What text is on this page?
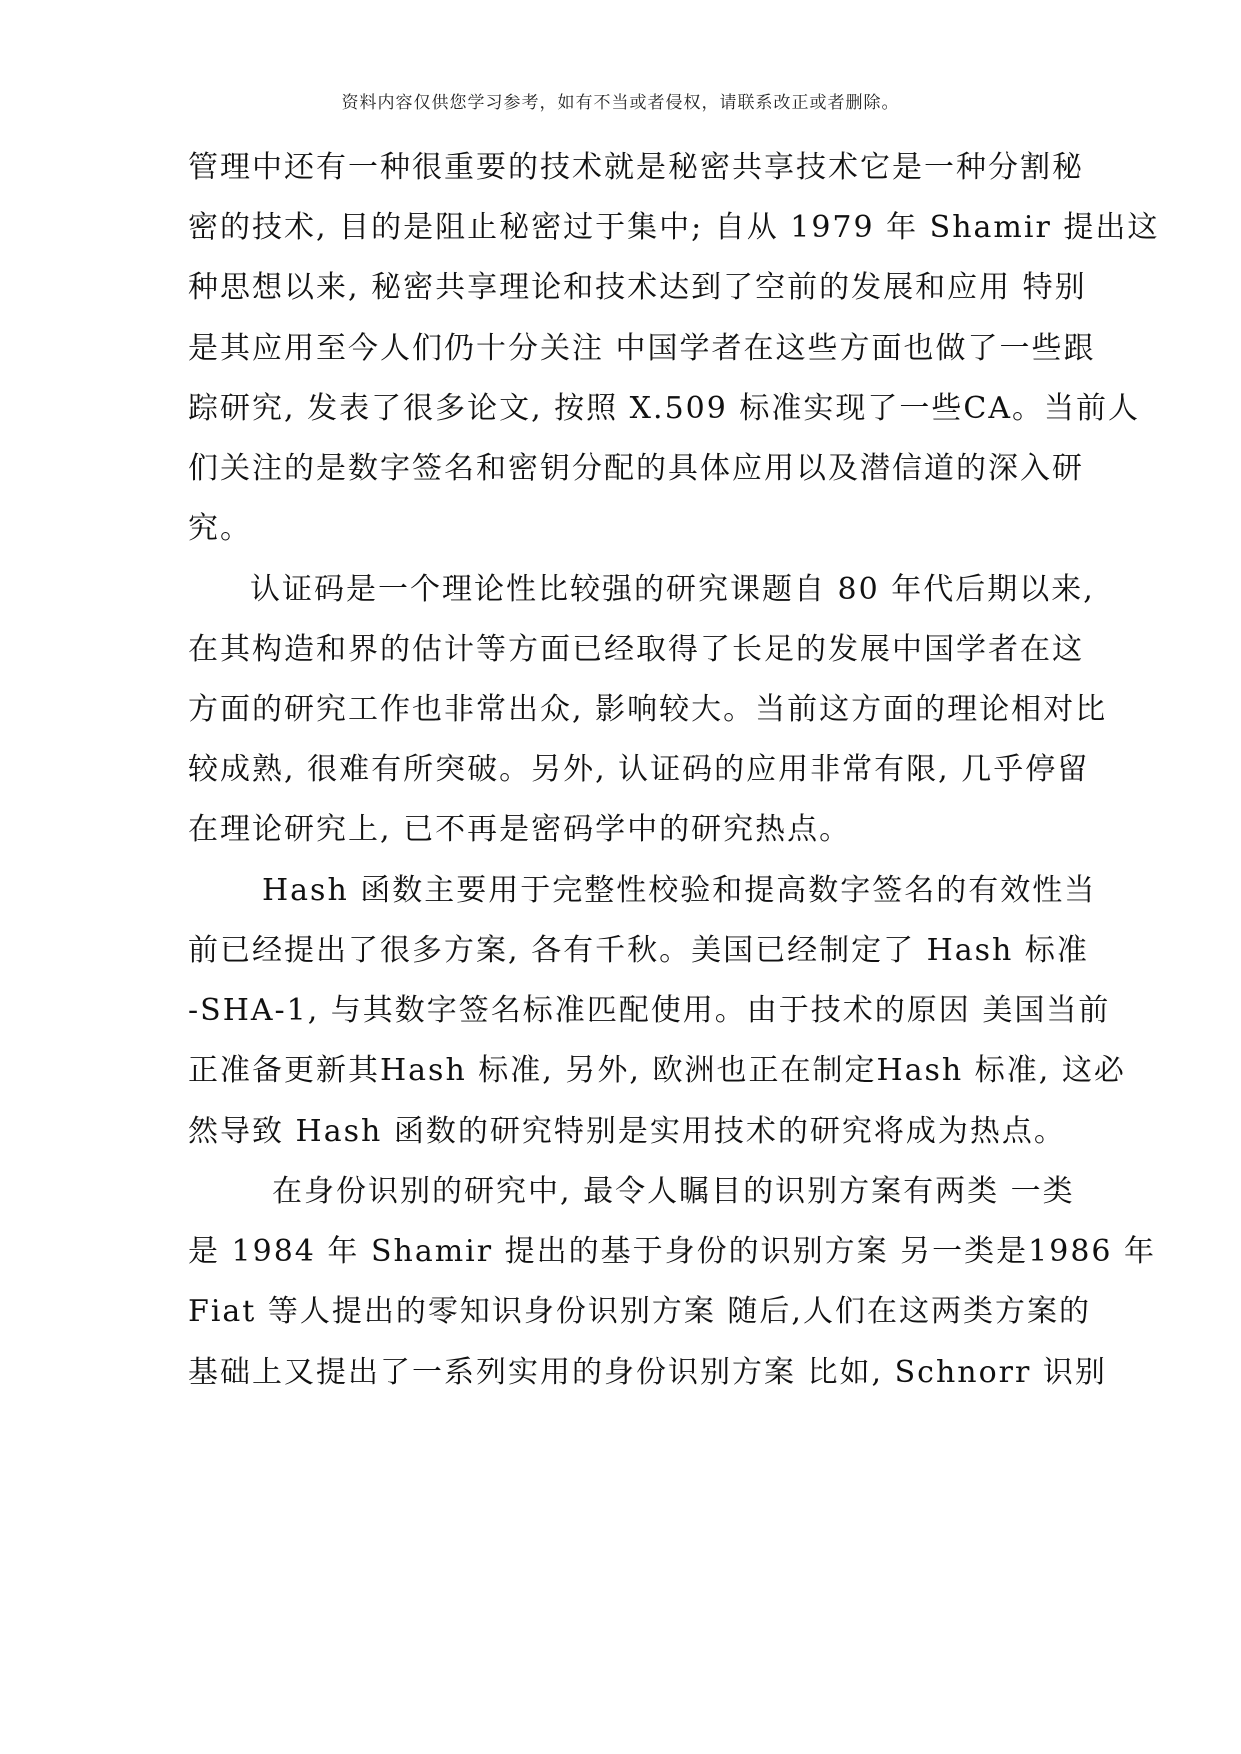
资料内容仅供您学习参考，如有不当或者侵权，请联系改正或者删除。
管理中还有一种很重要的技术就是秘密共享技术它是一种分割秘
密的技术, 目的是阻止秘密过于集中; 自从 1979 年 Shamir 提出这
种思想以来, 秘密共享理论和技术达到了空前的发展和应用 特别
是其应用至今人们仍十分关注 中国学者在这些方面也做了一些跟
踪研究, 发表了很多论文, 按照 X.509 标准实现了一些CA。当前人
们关注的是数字签名和密钥分配的具体应用以及潜信道的深入研
究。
认证码是一个理论性比较强的研究课题自 80 年代后期以来,
在其构造和界的估计等方面已经取得了长足的发展中国学者在这
方面的研究工作也非常出众, 影响较大。当前这方面的理论相对比
较成熟, 很难有所突破。另外, 认证码的应用非常有限, 几乎停留
在理论研究上, 已不再是密码学中的研究热点。
Hash 函数主要用于完整性校验和提高数字签名的有效性当
前已经提出了很多方案, 各有千秋。美国已经制定了 Hash 标准
-SHA-1, 与其数字签名标准匹配使用。由于技术的原因 美国当前
正准备更新其Hash 标准, 另外, 欧洲也正在制定Hash 标准, 这必
然导致 Hash 函数的研究特别是实用技术的研究将成为热点。
在身份识别的研究中, 最令人瞩目的识别方案有两类 一类
是 1984 年 Shamir 提出的基于身份的识别方案 另一类是1986 年
Fiat 等人提出的零知识身份识别方案 随后,人们在这两类方案的
基础上又提出了一系列实用的身份识别方案 比如, Schnorr 识别
